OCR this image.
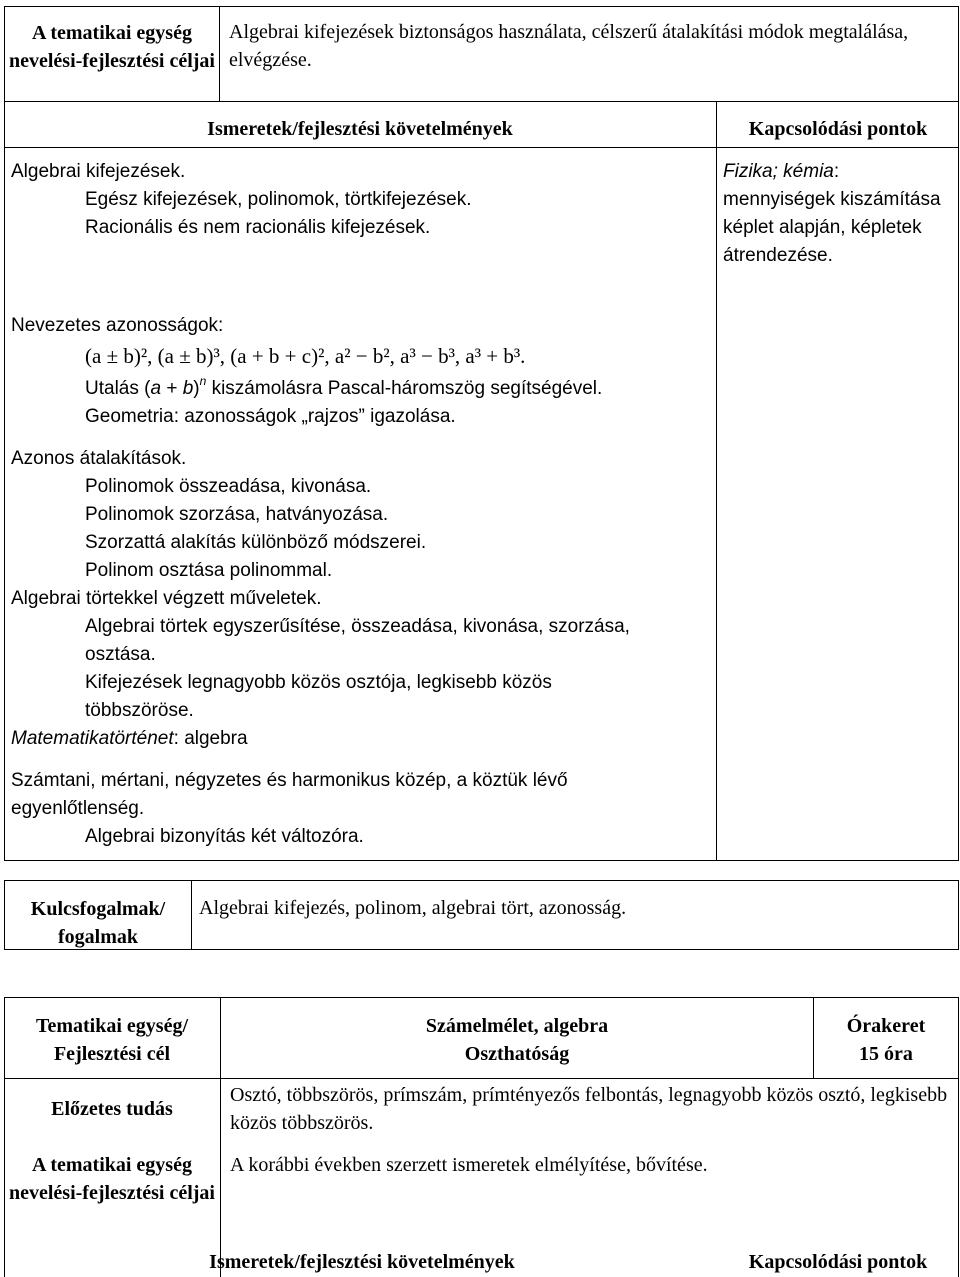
A tematikai egység nevelési-fejlesztési céljai
Algebrai kifejezések biztonságos használata, célszerű átalakítási módok megtalálása, elvégzése.
Ismeretek/fejlesztési követelmények	Kapcsolódási pontok
Fizika; kémia: mennyiségek kiszámítása képlet alapján, képletek átrendezése.
Algebrai kifejezések.
Egész kifejezések, polinomok, törtkifejezések.
Racionális és nem racionális kifejezések.
Nevezetes azonosságok:
(a ± b)², (a ± b)³, (a + b + c)², a² − b², a³ − b³, a³ + b³.
Utalás $(a + b)^n$ kiszámolásra Pascal-háromszög segítségével.
Geometria: azonosságok „rajzos” igazolása.
Azonos átalakítások.
Polinomok összeadása, kivonása.
Polinomok szorzása, hatványozása.
Szorzattá alakítás különböző módszerei.
Polinom osztása polinommal.
Algebrai törtekkel végzett műveletek.
Algebrai törtek egyszerűsítése, összeadása, kivonása, szorzása,
osztása.
Kifejezések legnagyobb közös osztója, legkisebb közös
többszöröse.
Matematikatörténet: algebra
Számtani, mértani, négyzetes és harmonikus közép, a köztük lévő
egyenlőtlenség.
Algebrai bizonyítás két változóra.
Kulcsfogalmak/ fogalmak
Algebrai kifejezés, polinom, algebrai tört, azonosság.
Tematikai egység/ Fejlesztési cél
Számelmélet, algebra
Oszthatóság
Órakeret
15 óra
Előzetes tudás
Osztó, többszörös, prímszám, prímtényezős felbontás, legnagyobb közös osztó, legkisebb közös többszörös.
A tematikai egység nevelési-fejlesztési céljai
A korábbi években szerzett ismeretek elmélyítése, bővítése.
Ismeretek/fejlesztési követelmények	Kapcsolódási pontok
